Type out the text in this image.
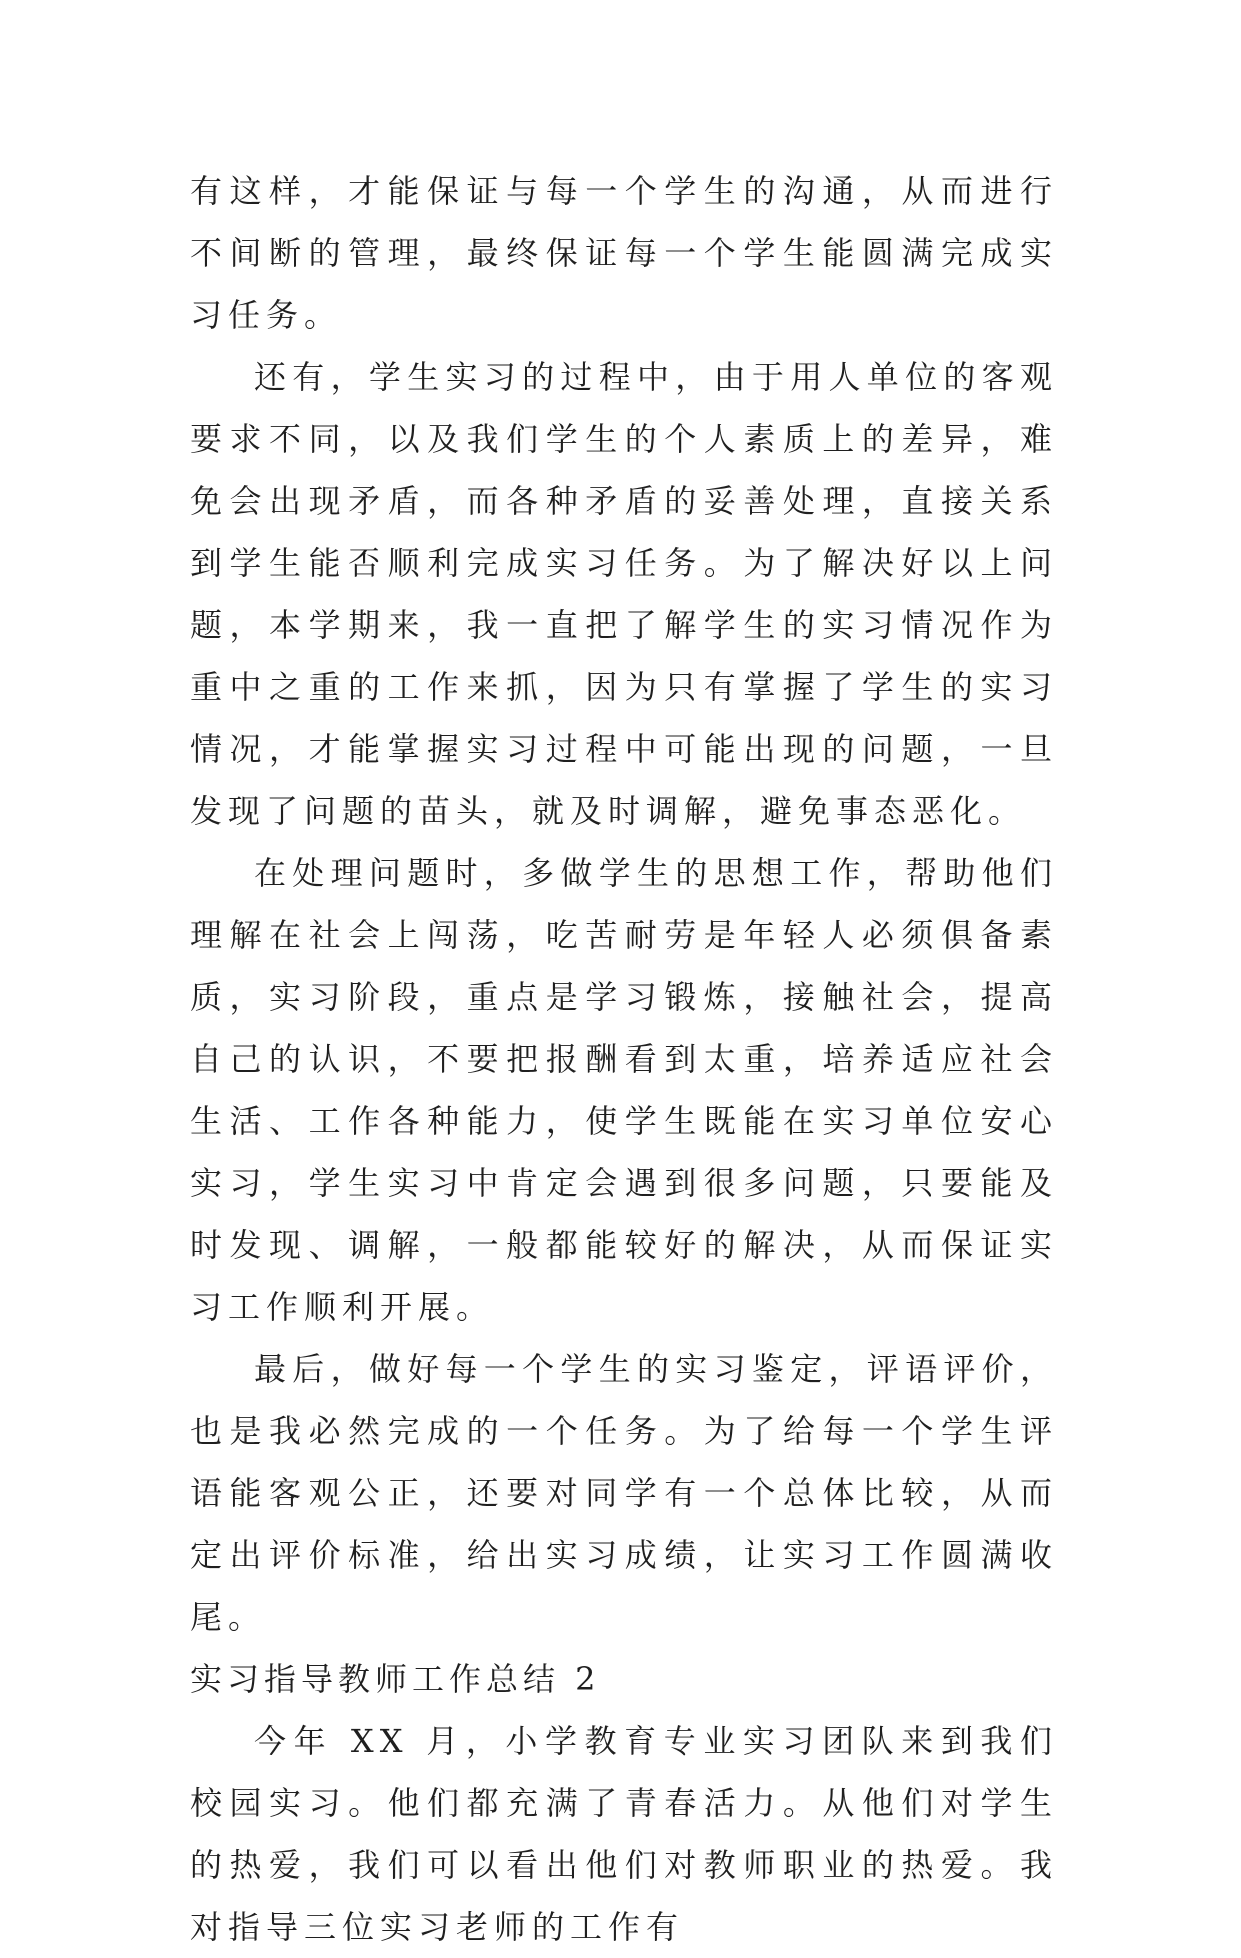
有这样，才能保证与每一个学生的沟通，从而进行不间断的管理，最终保证每一个学生能圆满完成实习任务。

还有，学生实习的过程中，由于用人单位的客观要求不同，以及我们学生的个人素质上的差异，难免会出现矛盾，而各种矛盾的妥善处理，直接关系到学生能否顺利完成实习任务。为了解决好以上问题，本学期来，我一直把了解学生的实习情况作为重中之重的工作来抓，因为只有掌握了学生的实习情况，才能掌握实习过程中可能出现的问题，一旦发现了问题的苗头，就及时调解，避免事态恶化。

在处理问题时，多做学生的思想工作，帮助他们理解在社会上闯荡，吃苦耐劳是年轻人必须俱备素质，实习阶段，重点是学习锻炼，接触社会，提高自己的认识，不要把报酬看到太重，培养适应社会生活、工作各种能力，使学生既能在实习单位安心实习，学生实习中肯定会遇到很多问题，只要能及时发现、调解，一般都能较好的解决，从而保证实习工作顺利开展。

最后，做好每一个学生的实习鉴定，评语评价，也是我必然完成的一个任务。为了给每一个学生评语能客观公正，还要对同学有一个总体比较，从而定出评价标准，给出实习成绩，让实习工作圆满收尾。

实习指导教师工作总结 2

今年 XX 月，小学教育专业实习团队来到我们校园实习。他们都充满了青春活力。从他们对学生的热爱，我们可以看出他们对教师职业的热爱。我对指导三位实习老师的工作有
